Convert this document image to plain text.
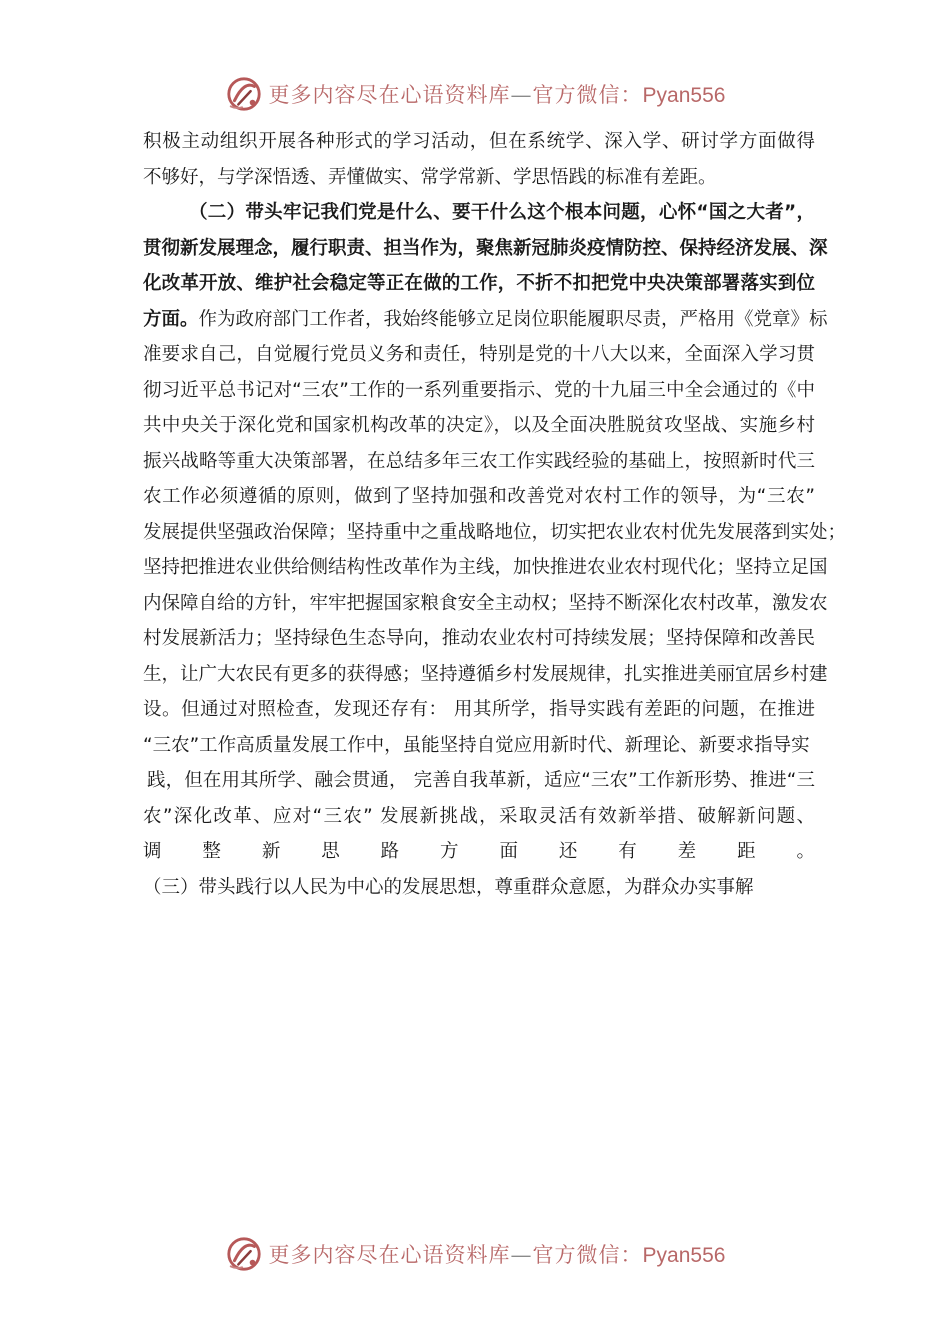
更多内容尽在心语资料库—官方微信：Pyan556
积极主动组织开展各种形式的学习活动，但在系统学、深入学、研讨学方面做得
不够好，与学深悟透、弄懂做实、常学常新、学思悟践的标准有差距。
（二）带头牢记我们党是什么、要干什么这个根本问题，心怀“国之大者”，
贯彻新发展理念，履行职责、担当作为，聚焦新冠肺炎疫情防控、保持经济发展、深
化改革开放、维护社会稳定等正在做的工作，不折不扣把党中央决策部署落实到位
方面。作为政府部门工作者，我始终能够立足岗位职能履职尽责，严格用《党章》标
准要求自己，自觉履行党员义务和责任，特别是党的十八大以来，全面深入学习贯
彻习近平总书记对“三农”工作的一系列重要指示、党的十九届三中全会通过的《中
共中央关于深化党和国家机构改革的决定》，以及全面决胜脱贫攻坚战、实施乡村
振兴战略等重大决策部署，在总结多年三农工作实践经验的基础上，按照新时代三
农工作必须遵循的原则，做到了坚持加强和改善党对农村工作的领导，为“三农”
发展提供坚强政治保障；坚持重中之重战略地位，切实把农业农村优先发展落到实处；
坚持把推进农业供给侧结构性改革作为主线，加快推进农业农村现代化；坚持立足国
内保障自给的方针，牢牢把握国家粮食安全主动权；坚持不断深化农村改革，激发农
村发展新活力；坚持绿色生态导向，推动农业农村可持续发展；坚持保障和改善民
生，让广大农民有更多的获得感；坚持遵循乡村发展规律，扎实推进美丽宜居乡村建
设。但通过对照检查，发现还存有： 用其所学，指导实践有差距的问题，在推进
“三农”工作高质量发展工作中，虽能坚持自觉应用新时代、新理论、新要求指导实
践，但在用其所学、融会贯通， 完善自我革新，适应“三农”工作新形势、推进“三
农”深化改革、应对“三农” 发展新挑战，采取灵活有效新举措、破解新问题、
调整新思路方面还有差距。
（三）带头践行以人民为中心的发展思想，尊重群众意愿，为群众办实事解
更多内容尽在心语资料库—官方微信：Pyan556
